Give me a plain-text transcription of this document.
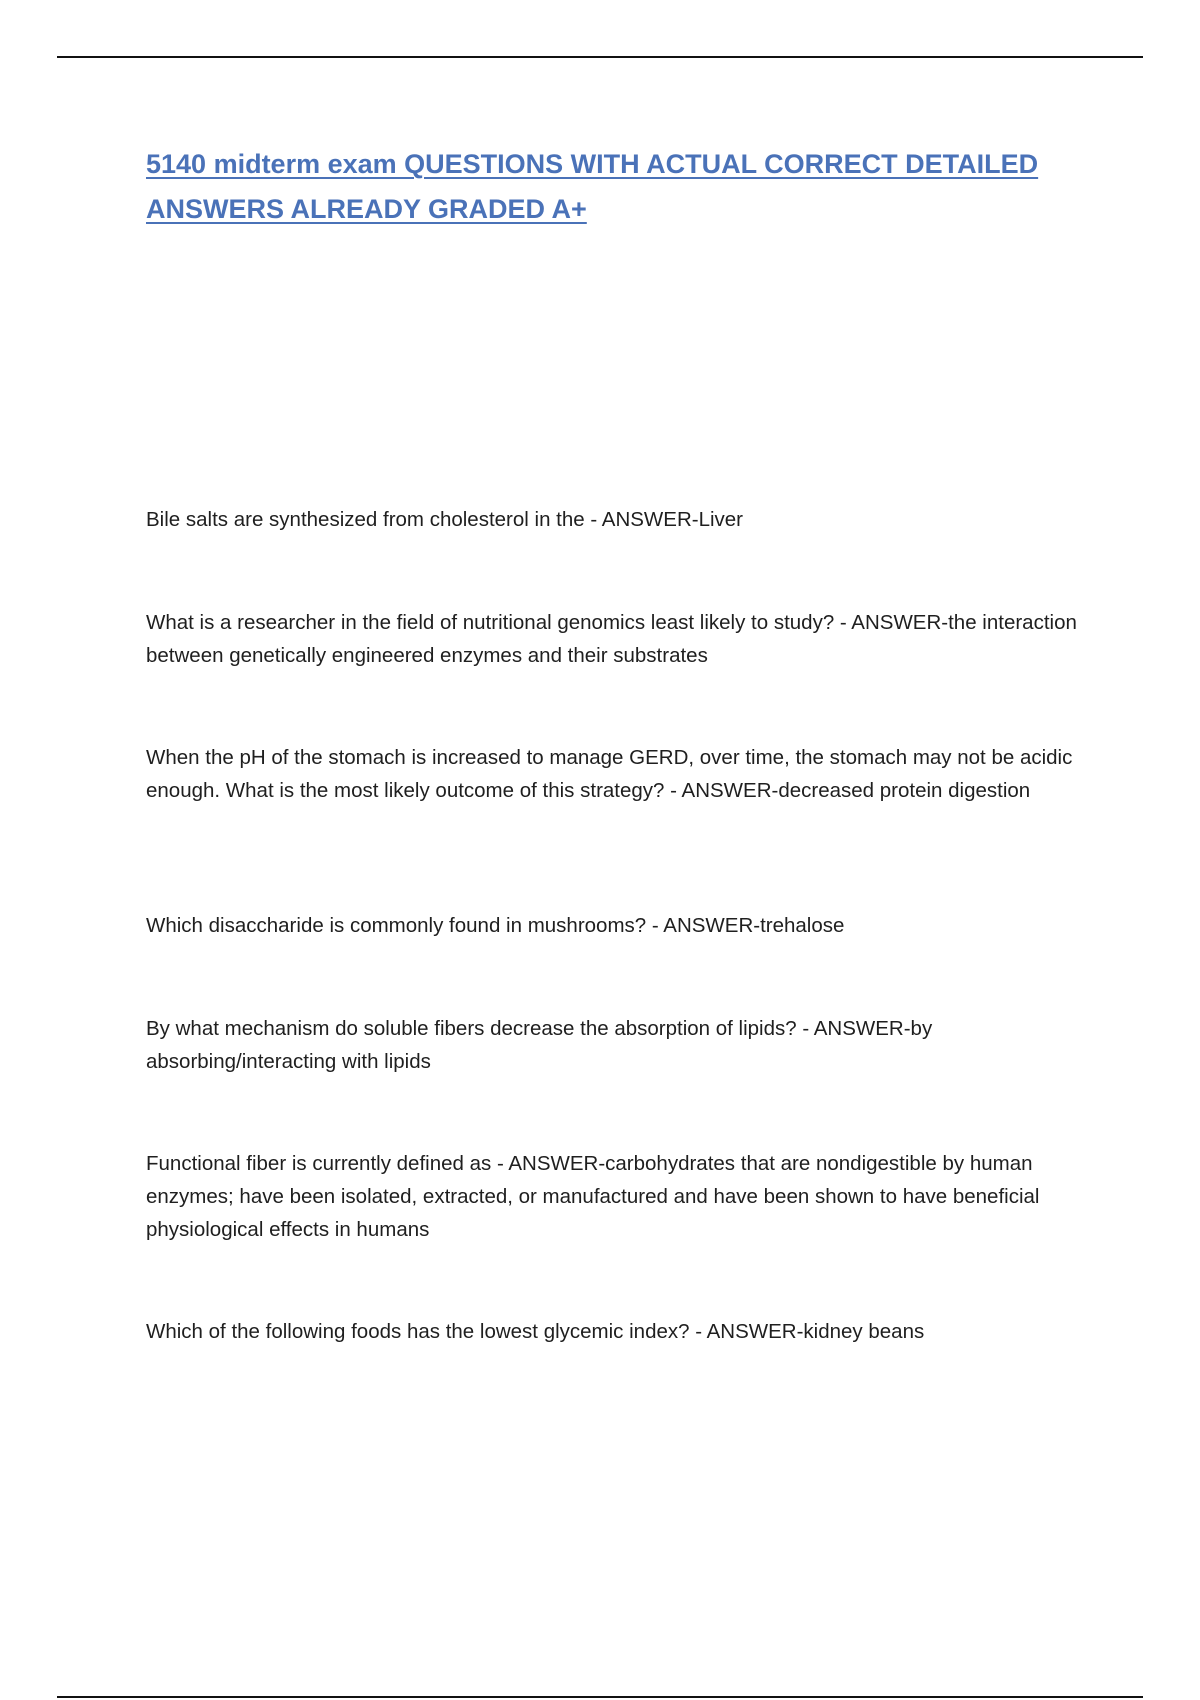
5140 midterm exam QUESTIONS WITH ACTUAL CORRECT DETAILED ANSWERS ALREADY GRADED A+

Bile salts are synthesized from cholesterol in the - ANSWER-Liver

What is a researcher in the field of nutritional genomics least likely to study? - ANSWER-the interaction between genetically engineered enzymes and their substrates

When the pH of the stomach is increased to manage GERD, over time, the stomach may not be acidic enough. What is the most likely outcome of this strategy? - ANSWER-decreased protein digestion

Which disaccharide is commonly found in mushrooms? - ANSWER-trehalose

By what mechanism do soluble fibers decrease the absorption of lipids? - ANSWER-by absorbing/interacting with lipids

Functional fiber is currently defined as - ANSWER-carbohydrates that are nondigestible by human enzymes; have been isolated, extracted, or manufactured and have been shown to have beneficial physiological effects in humans

Which of the following foods has the lowest glycemic index? - ANSWER-kidney beans
